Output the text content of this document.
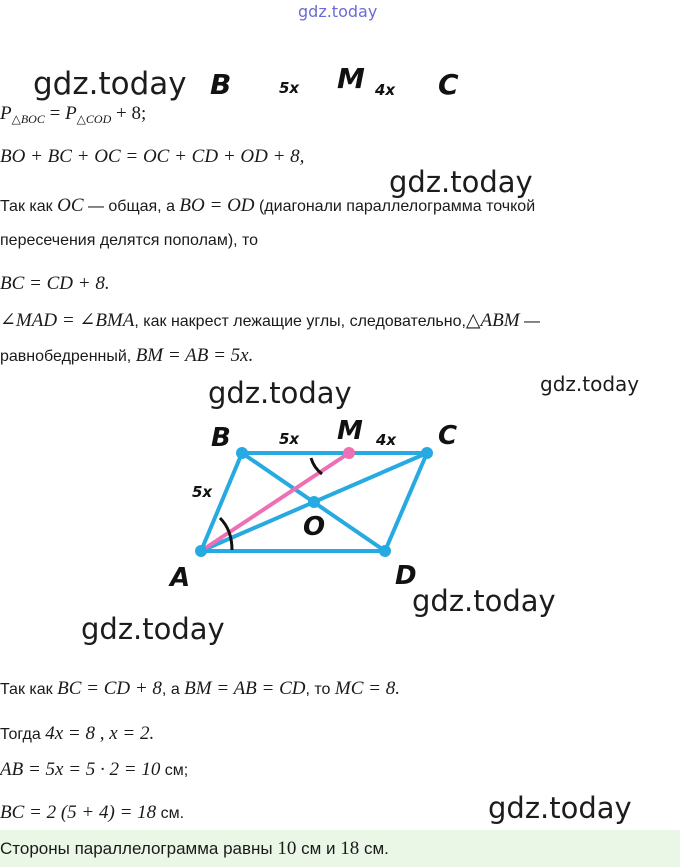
gdz.today
gdz.today B	5x M 4x C
$P_{\triangle BOC} = P_{\triangle COD} + 8$;
BO + BC + OC = OC + CD + OD + 8,
gdz.today
Так как OC — общая, а BO = OD (диагонали параллелограмма точкой
пересечения делятся пополам), то
BC = CD + 8.
∠MAD = ∠BMA, как накрест лежащие углы, следовательно,△ABM —
равнобедренный, BM = AB = 5x.
gdz.today	gdz.today
B	5x M 4x C
5x
O
A	D
gdz.today
gdz.today
Так как BC = CD + 8, а BM = AB = CD, то MC = 8.
Тогда 4x = 8 , x = 2.
AB = 5x = 5 · 2 = 10 см;
BC = 2 (5 + 4) = 18 см.	gdz.today
Стороны параллелограмма равны 10 см и 18 см.
